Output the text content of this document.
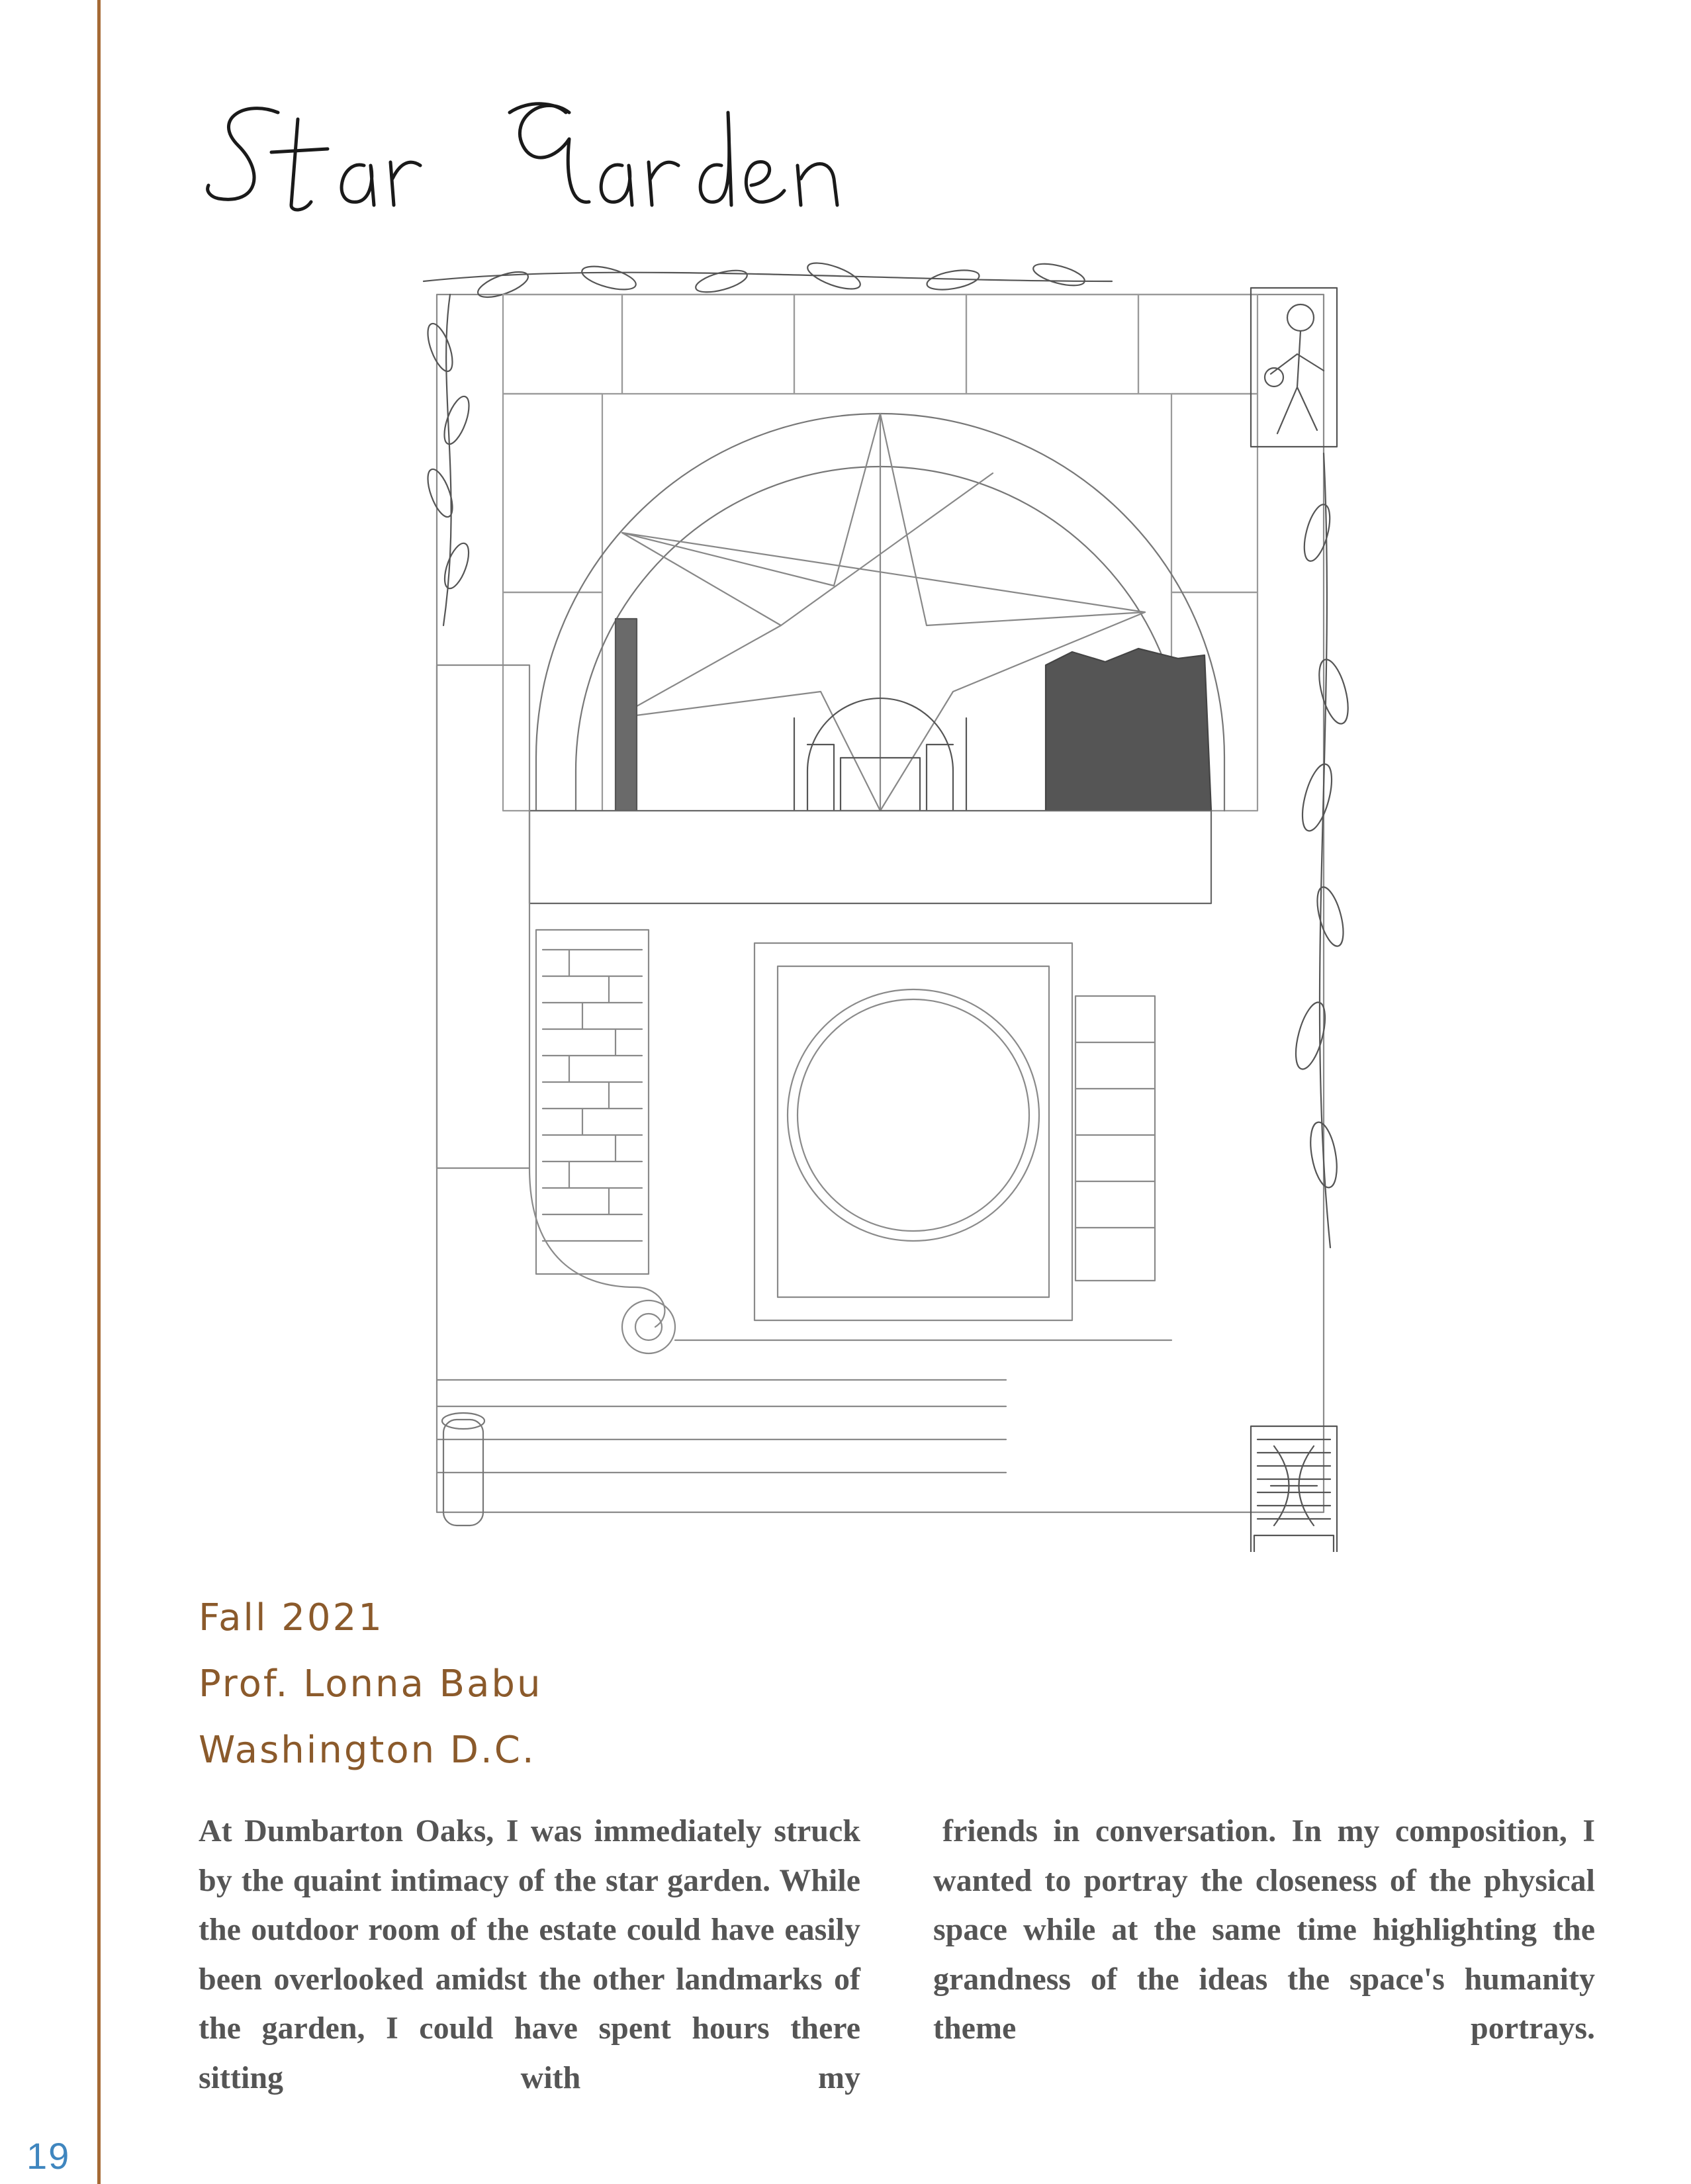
Fall 2021
Prof. Lonna Babu
Washington D.C.
At Dumbarton Oaks, I was immediately struck by the quaint intimacy of the star garden. While the outdoor room of the estate could have easily been overlooked amidst the other landmarks of the garden, I could have spent hours there sitting with my
friends in conversation. In my composition, I wanted to portray the closeness of the physical space while at the same time highlighting the grandness of the ideas the space's humanity theme portrays.
19
